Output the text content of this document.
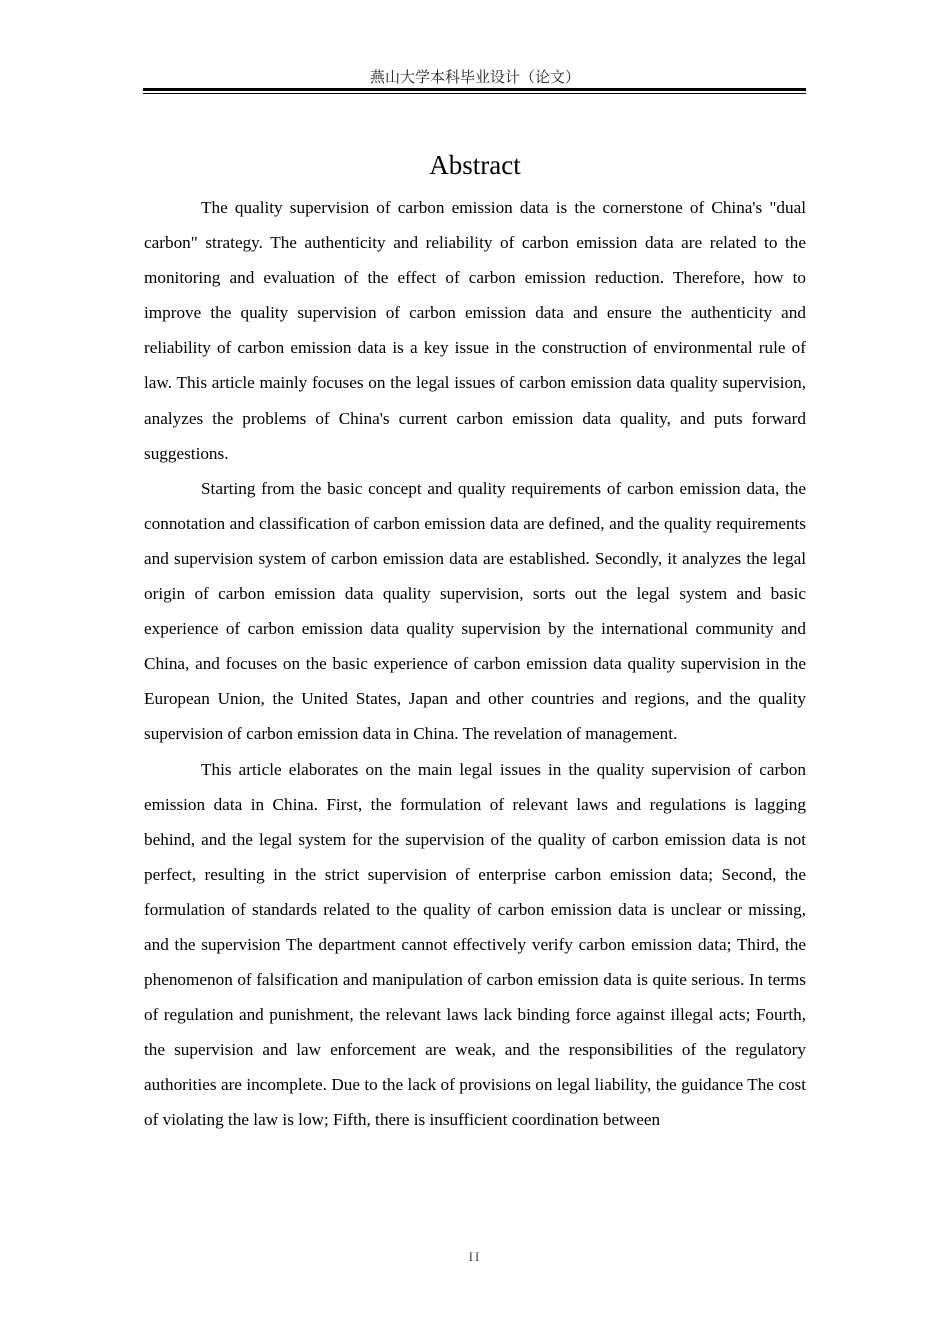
燕山大学本科毕业设计（论文）
Abstract

The quality supervision of carbon emission data is the cornerstone of China's "dual carbon" strategy. The authenticity and reliability of carbon emission data are related to the monitoring and evaluation of the effect of carbon emission reduction. Therefore, how to improve the quality supervision of carbon emission data and ensure the authenticity and reliability of carbon emission data is a key issue in the construction of environmental rule of law. This article mainly focuses on the legal issues of carbon emission data quality supervision, analyzes the problems of China's current carbon emission data quality, and puts forward suggestions.

Starting from the basic concept and quality requirements of carbon emission data, the connotation and classification of carbon emission data are defined, and the quality requirements and supervision system of carbon emission data are established. Secondly, it analyzes the legal origin of carbon emission data quality supervision, sorts out the legal system and basic experience of carbon emission data quality supervision by the international community and China, and focuses on the basic experience of carbon emission data quality supervision in the European Union, the United States, Japan and other countries and regions, and the quality supervision of carbon emission data in China. The revelation of management.

This article elaborates on the main legal issues in the quality supervision of carbon emission data in China. First, the formulation of relevant laws and regulations is lagging behind, and the legal system for the supervision of the quality of carbon emission data is not perfect, resulting in the strict supervision of enterprise carbon emission data; Second, the formulation of standards related to the quality of carbon emission data is unclear or missing, and the supervision The department cannot effectively verify carbon emission data; Third, the phenomenon of falsification and manipulation of carbon emission data is quite serious. In terms of regulation and punishment, the relevant laws lack binding force against illegal acts; Fourth, the supervision and law enforcement are weak, and the responsibilities of the regulatory authorities are incomplete. Due to the lack of provisions on legal liability, the guidance The cost of violating the law is low; Fifth, there is insufficient coordination between

II
